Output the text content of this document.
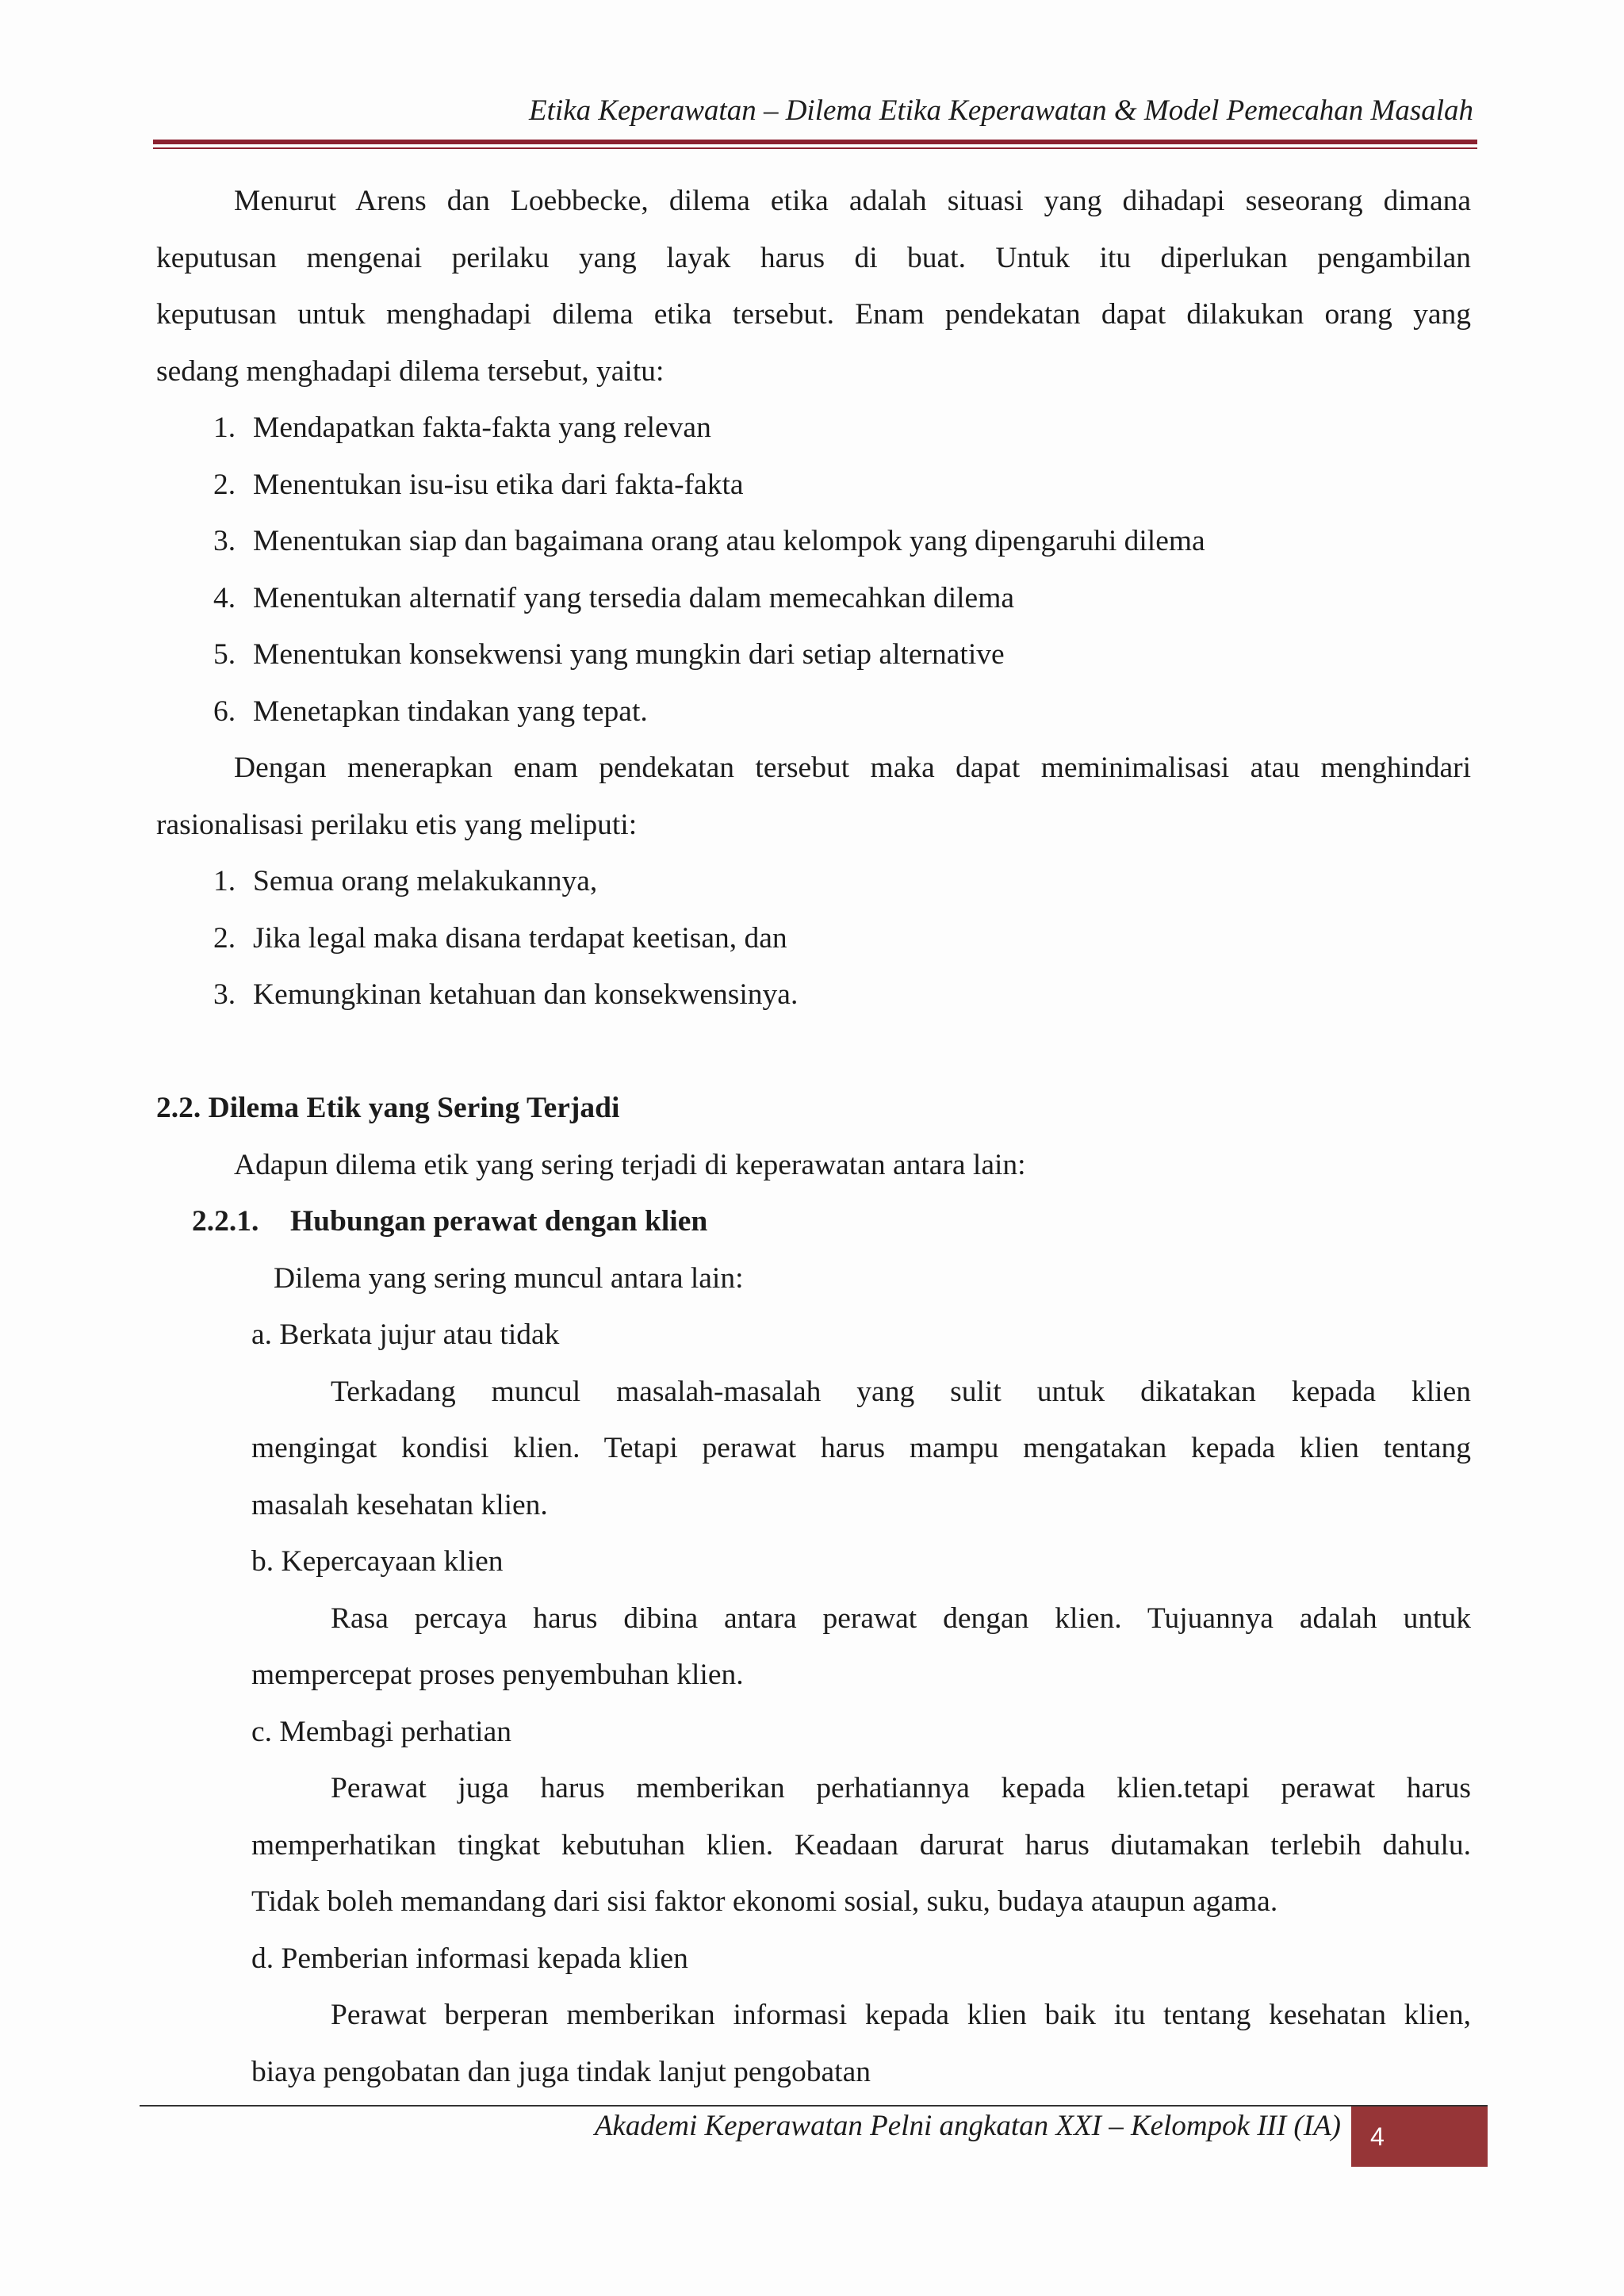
Etika Keperawatan – Dilema Etika Keperawatan & Model Pemecahan Masalah
Menurut Arens dan Loebbecke, dilema etika adalah situasi yang dihadapi seseorang dimana
keputusan mengenai perilaku yang layak harus di buat. Untuk itu diperlukan pengambilan
keputusan untuk menghadapi dilema etika tersebut. Enam pendekatan dapat dilakukan orang yang
sedang menghadapi dilema tersebut, yaitu:
1. Mendapatkan fakta-fakta yang relevan
2. Menentukan isu-isu etika dari fakta-fakta
3. Menentukan siap dan bagaimana orang atau kelompok yang dipengaruhi dilema
4. Menentukan alternatif yang tersedia dalam memecahkan dilema
5. Menentukan konsekwensi yang mungkin dari setiap alternative
6. Menetapkan tindakan yang tepat.
Dengan menerapkan enam pendekatan tersebut maka dapat meminimalisasi atau menghindari
rasionalisasi perilaku etis yang meliputi:
1. Semua orang melakukannya,
2. Jika legal maka disana terdapat keetisan, dan
3. Kemungkinan ketahuan dan konsekwensinya.
2.2. Dilema Etik yang Sering Terjadi
Adapun dilema etik yang sering terjadi di keperawatan antara lain:
2.2.1. Hubungan perawat dengan klien
Dilema yang sering muncul antara lain:
a. Berkata jujur atau tidak
Terkadang muncul masalah-masalah yang sulit untuk dikatakan kepada klien
mengingat kondisi klien. Tetapi perawat harus mampu mengatakan kepada klien tentang
masalah kesehatan klien.
b. Kepercayaan klien
Rasa percaya harus dibina antara perawat dengan klien. Tujuannya adalah untuk
mempercepat proses penyembuhan klien.
c. Membagi perhatian
Perawat juga harus memberikan perhatiannya kepada klien.tetapi perawat harus
memperhatikan tingkat kebutuhan klien. Keadaan darurat harus diutamakan terlebih dahulu.
Tidak boleh memandang dari sisi faktor ekonomi sosial, suku, budaya ataupun agama.
d. Pemberian informasi kepada klien
Perawat berperan memberikan informasi kepada klien baik itu tentang kesehatan klien,
biaya pengobatan dan juga tindak lanjut pengobatan
Akademi Keperawatan Pelni angkatan XXI – Kelompok III (IA)	4
